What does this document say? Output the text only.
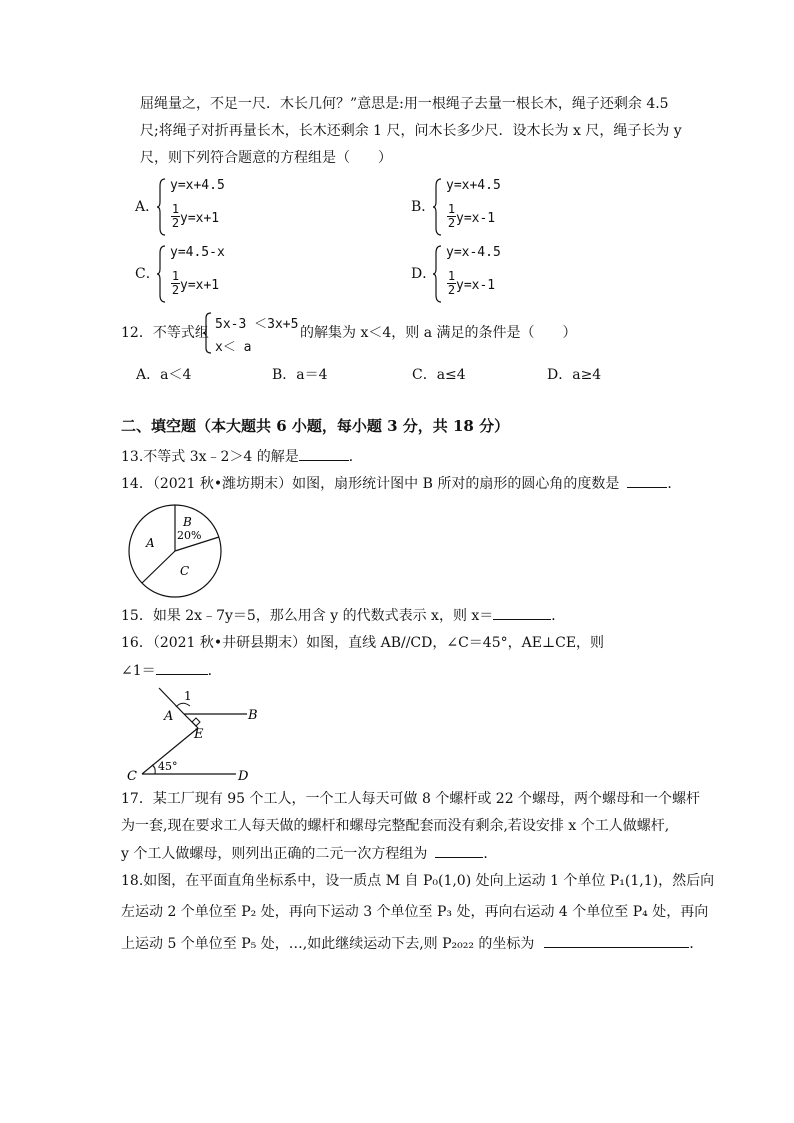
屈绳量之，不足一尺．木长几何？”意思是:用一根绳子去量一根长木，绳子还剩余 4.5
尺;将绳子对折再量长木，长木还剩余 1 尺，问木长多少尺．设木长为 x 尺，绳子长为 y
尺，则下列符合题意的方程组是（　　）
A．
y=x+4.5
1
2 y=x+1
B．
y=x+4.5
1
2 y=x-1
C．
y=4.5-x
1
2 y=x+1
D．
y=x-4.5
1
2 y=x-1
12．不等式组
5x-3 ＜3x+5
x＜ a
的解集为 x＜4，则 a 满足的条件是（　　）
A．a＜4	B．a＝4	C．a≤4	D．a≥4
二、填空题（本大题共 6 小题，每小题 3 分，共 18 分）
13.不等式 3x﹣2＞4 的解是	．
14．（2021 秋•潍坊期末）如图，扇形统计图中 B 所对的扇形的圆心角的度数是	．
A
B
20%
C
15．如果 2x﹣7y＝5，那么用含 y 的代数式表示 x，则 x＝	．
16．（2021 秋•井研县期末）如图，直线 AB//CD，∠C＝45°，AE⊥CE，则
∠1＝	．
1
A	B
E
C	D
45°
17．某工厂现有 95 个工人，一个工人每天可做 8 个螺杆或 22 个螺母，两个螺母和一个螺杆
为一套,现在要求工人每天做的螺杆和螺母完整配套而没有剩余,若设安排 x 个工人做螺杆,
y 个工人做螺母，则列出正确的二元一次方程组为	．
18.如图，在平面直角坐标系中，设一质点 M 自 P₀(1,0) 处向上运动 1 个单位 P₁(1,1)，然后向
左运动 2 个单位至 P₂ 处，再向下运动 3 个单位至 P₃ 处，再向右运动 4 个单位至 P₄ 处，再向
上运动 5 个单位至 P₅ 处，…,如此继续运动下去,则 P₂₀₂₂ 的坐标为	．
